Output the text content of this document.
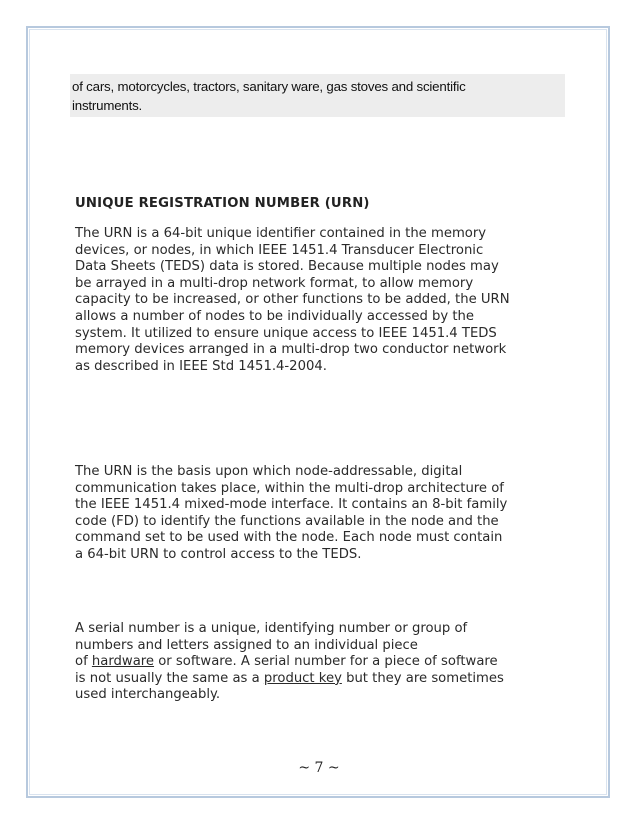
of cars, motorcycles, tractors, sanitary ware, gas stoves and scientific
instruments.
UNIQUE REGISTRATION NUMBER (URN)
The URN is a 64-bit unique identifier contained in the memory
devices, or nodes, in which IEEE 1451.4 Transducer Electronic
Data Sheets (TEDS) data is stored. Because multiple nodes may
be arrayed in a multi-drop network format, to allow memory
capacity to be increased, or other functions to be added, the URN
allows a number of nodes to be individually accessed by the
system. It utilized to ensure unique access to IEEE 1451.4 TEDS
memory devices arranged in a multi-drop two conductor network
as described in IEEE Std 1451.4-2004.
The URN is the basis upon which node-addressable, digital
communication takes place, within the multi-drop architecture of
the IEEE 1451.4 mixed-mode interface. It contains an 8-bit family
code (FD) to identify the functions available in the node and the
command set to be used with the node. Each node must contain
a 64-bit URN to control access to the TEDS.
A serial number is a unique, identifying number or group of
numbers and letters assigned to an individual piece
of hardware or software. A serial number for a piece of software
is not usually the same as a product key but they are sometimes
used interchangeably.
~ 7 ~
